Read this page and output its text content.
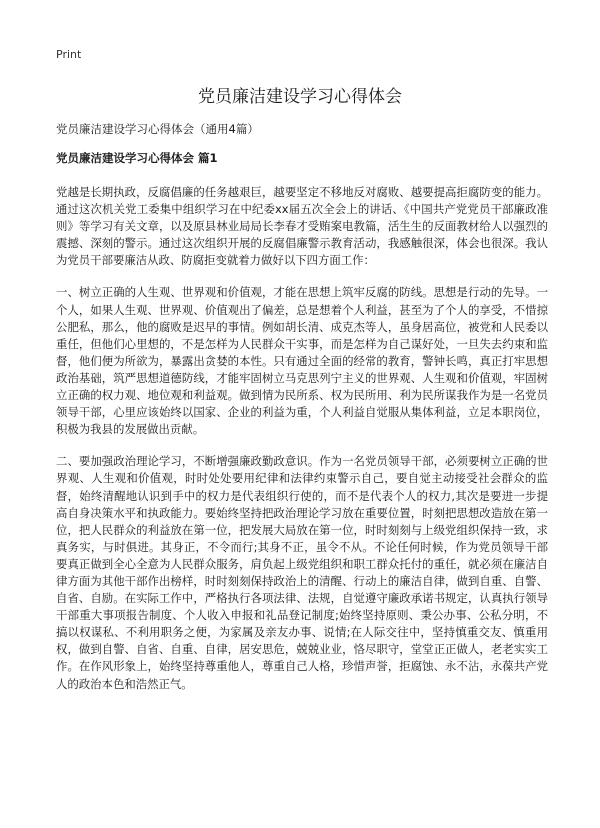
Print
党员廉洁建设学习心得体会
党员廉洁建设学习心得体会（通用4篇）
党员廉洁建设学习心得体会 篇1

党越是长期执政，反腐倡廉的任务越艰巨，越要坚定不移地反对腐败、越要提高拒腐防变的能力。通过这次机关党工委集中组织学习在中纪委xx届五次全会上的讲话、《中国共产党党员干部廉政准则》等学习有关文章，以及原县林业局局长李春才受贿案电教篇，活生生的反面教材给人以强烈的震撼、深刻的警示。通过这次组织开展的反腐倡廉警示教育活动，我感触很深，体会也很深。我认为党员干部要廉洁从政、防腐拒变就着力做好以下四方面工作：

一、树立正确的人生观、世界观和价值观，才能在思想上筑牢反腐的防线。思想是行动的先导。一个人，如果人生观、世界观、价值观出了偏差，总是想着个人利益，甚至为了个人的享受，不惜掠公肥私，那么，他的腐败是迟早的事情。例如胡长清、成克杰等人，虽身居高位，被党和人民委以重任，但他们心里想的，不是怎样为人民群众干实事，而是怎样为自己谋好处，一旦失去约束和监督，他们便为所欲为，暴露出贪婪的本性。只有通过全面的经常的教育，警钟长鸣，真正打牢思想政治基础，筑严思想道德防线，才能牢固树立马克思列宁主义的世界观、人生观和价值观，牢固树立正确的权力观、地位观和利益观。做到情为民所系、权为民所用、利为民所谋我作为是一名党员领导干部，心里应该始终以国家、企业的利益为重，个人利益自觉服从集体利益，立足本职岗位，积极为我县的发展做出贡献。

二、要加强政治理论学习，不断增强廉政勤政意识。作为一名党员领导干部，必须要树立正确的世界观、人生观和价值观，时时处处要用纪律和法律约束警示自己，要自觉主动接受社会群众的监督，始终清醒地认识到手中的权力是代表组织行使的，而不是代表个人的权力,其次是要进一步提高自身决策水平和执政能力。要始终坚持把政治理论学习放在重要位置，时刻把思想改造放在第一位，把人民群众的利益放在第一位，把发展大局放在第一位，时时刻刻与上级党组织保持一致，求真务实，与时俱进。其身正，不令而行;其身不正，虽令不从。不论任何时候，作为党员领导干部要真正做到全心全意为人民群众服务，肩负起上级党组织和职工群众托付的重任，就必须在廉洁自律方面为其他干部作出榜样，时时刻刻保持政治上的清醒、行动上的廉洁自律，做到自重、自警、自省、自励。在实际工作中，严格执行各项法律、法规，自觉遵守廉政承诺书规定，认真执行领导干部重大事项报告制度、个人收入申报和礼品登记制度;始终坚持原则、秉公办事、公私分明，不搞以权谋私、不利用职务之便，为家属及亲友办事、说情;在人际交往中，坚持慎重交友、慎重用权，做到自警、自省、自重、自律，居安思危，兢兢业业，恪尽职守，堂堂正正做人，老老实实工作。在作风形象上，始终坚持尊重他人，尊重自己人格，珍惜声誉，拒腐蚀、永不沾，永葆共产党人的政治本色和浩然正气。
